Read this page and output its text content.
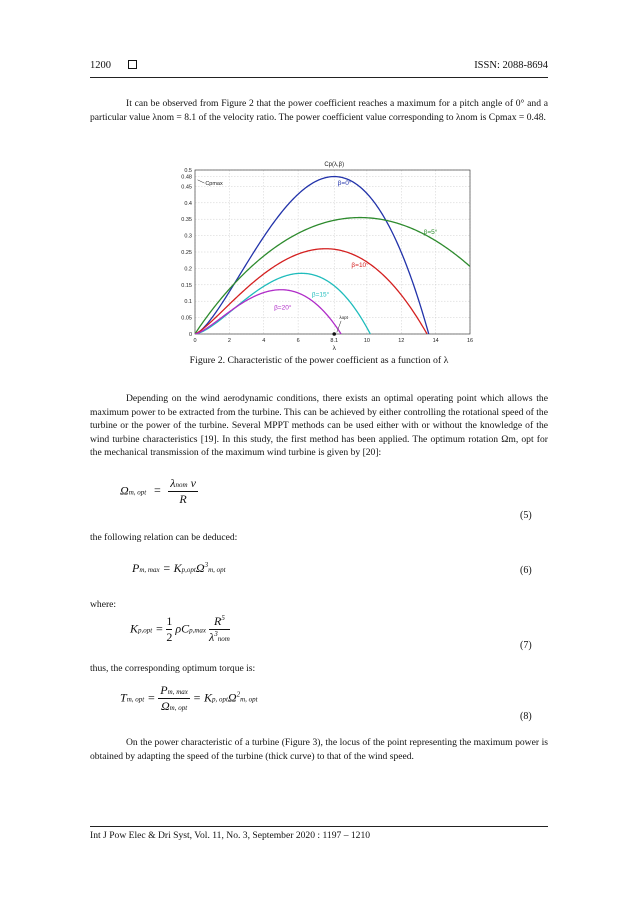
1200	ISSN: 2088-8694
It can be observed from Figure 2 that the power coefficient reaches a maximum for a pitch angle of 0° and a particular value λnom = 8.1 of the velocity ratio. The power coefficient value corresponding to λnom is Cpmax = 0.48.
0	2	4	6	8.1	10	12	14	16
0
0.05
0.1
0.15
0.2
0.25
0.3
0.35
0.4
0.45
0.48
0.5
Cp(λ,β)
λ
β=0°
β=5°
β=10°
β=15°
β=20°
Cpmax
λopt
Figure 2. Characteristic of the power coefficient as a function of λ
Depending on the wind aerodynamic conditions, there exists an optimal operating point which allows the maximum power to be extracted from the turbine. This can be achieved by either controlling the rotational speed of the turbine or the power of the turbine. Several MPPT methods can be used either with or without the knowledge of the wind turbine characteristics [19]. In this study, the first method has been applied. The optimum rotation Ωm, opt for the mechanical transmission of the maximum wind turbine is given by [20]:
Ωm, opt =
λnom v
R
(5)
the following relation can be deduced:
Pm, max = Kp,optΩ$^3$m, opt	(6)
where:
$Kp,opt = \frac{1}{2} \rho Cp,\max$
$R^5$
$\lambda^3nom$
(7)
thus, the corresponding optimum torque is:
Tm, opt =
Pm, max
Ωm, opt
= Kp, optΩ$^2$m, opt
(8)
On the power characteristic of a turbine (Figure 3), the locus of the point representing the maximum power is obtained by adapting the speed of the turbine (thick curve) to that of the wind speed.
Int J Pow Elec & Dri Syst, Vol. 11, No. 3, September 2020 : 1197 – 1210
